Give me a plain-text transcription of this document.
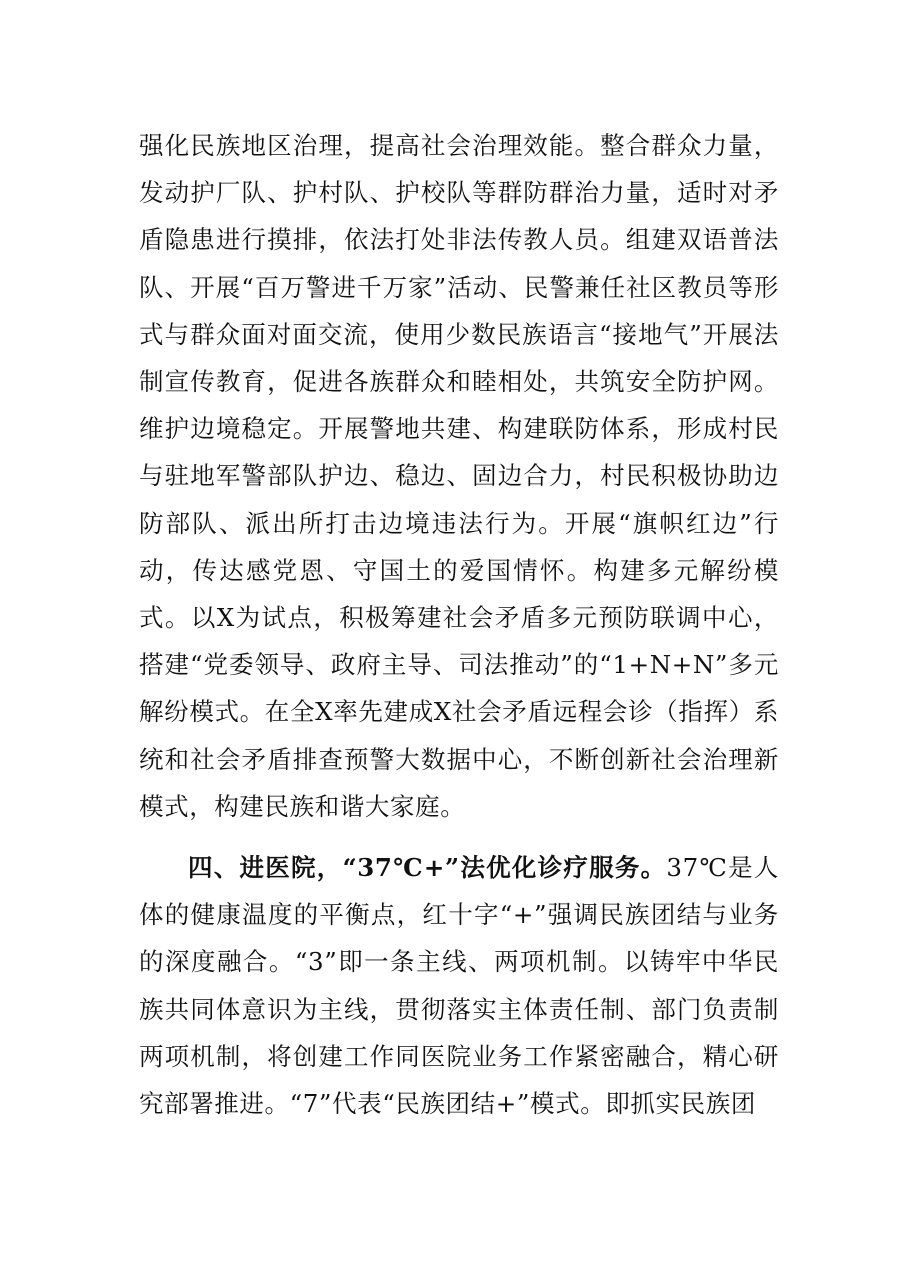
强化民族地区治理，提高社会治理效能。整合群众力量，发动护厂队、护村队、护校队等群防群治力量，适时对矛盾隐患进行摸排，依法打处非法传教人员。组建双语普法队、开展“百万警进千万家”活动、民警兼任社区教员等形式与群众面对面交流，使用少数民族语言“接地气”开展法制宣传教育，促进各族群众和睦相处，共筑安全防护网。维护边境稳定。开展警地共建、构建联防体系，形成村民与驻地军警部队护边、稳边、固边合力，村民积极协助边防部队、派出所打击边境违法行为。开展“旗帜红边”行动，传达感党恩、守国土的爱国情怀。构建多元解纷模式。以X为试点，积极筹建社会矛盾多元预防联调中心，搭建“党委领导、政府主导、司法推动”的“1+N+N”多元解纷模式。在全X率先建成X社会矛盾远程会诊（指挥）系统和社会矛盾排查预警大数据中心，不断创新社会治理新模式，构建民族和谐大家庭。

四、进医院，“37℃+”法优化诊疗服务。37℃是人体的健康温度的平衡点，红十字“+”强调民族团结与业务的深度融合。“3”即一条主线、两项机制。以铸牢中华民族共同体意识为主线，贯彻落实主体责任制、部门负责制两项机制，将创建工作同医院业务工作紧密融合，精心研究部署推进。“7”代表“民族团结+”模式。即抓实民族团
